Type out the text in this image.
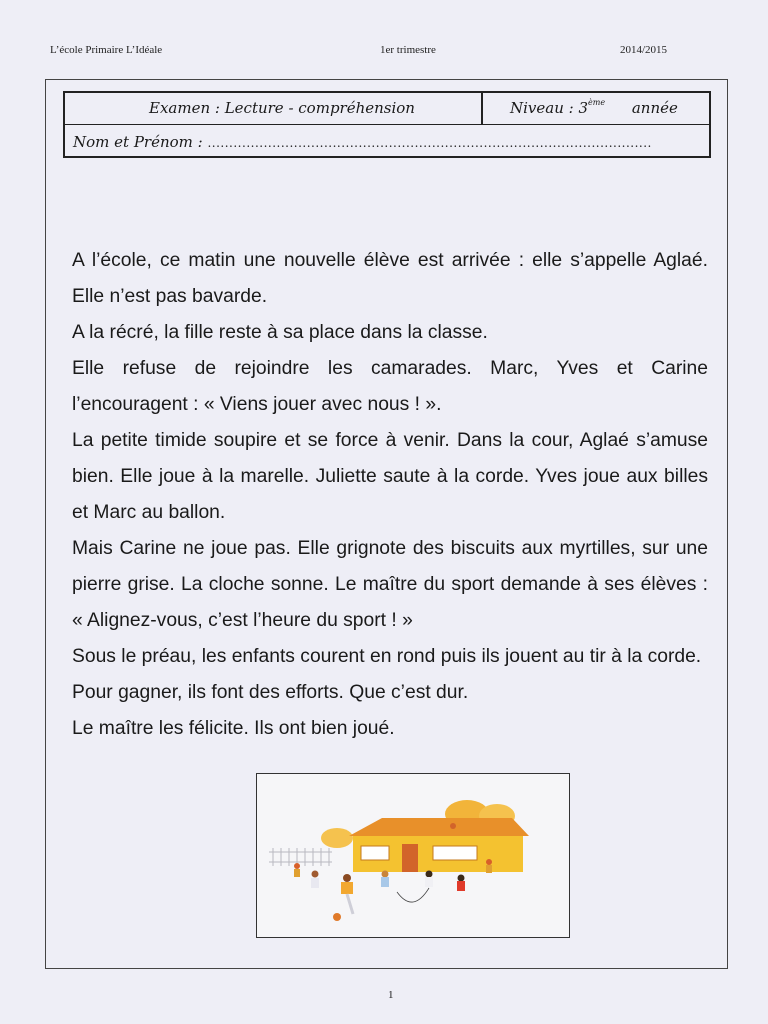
L’école Primaire L’Idéale	1er trimestre	2014/2015
Examen : Lecture - compréhension	Niveau : 3ème année
Nom et Prénom : .......................................................................................................

A l’école, ce matin une nouvelle élève est arrivée : elle s’appelle Aglaé. Elle n’est pas bavarde.

A la récré, la fille reste à sa place dans la classe.

Elle refuse de rejoindre les camarades. Marc, Yves et Carine l’encouragent : « Viens jouer avec nous ! ».

La petite timide soupire et se force à venir. Dans la cour, Aglaé s’amuse bien. Elle joue à la marelle. Juliette saute à la corde. Yves joue aux billes et Marc au ballon.

Mais Carine ne joue pas. Elle grignote des biscuits aux myrtilles, sur une pierre grise. La cloche sonne. Le maître du sport demande à ses élèves : « Alignez-vous, c’est l’heure du sport ! »

Sous le préau, les enfants courent en rond puis ils jouent au tir à la corde.

Pour gagner, ils font des efforts. Que c’est dur.

Le maître les félicite. Ils ont bien joué.

1
